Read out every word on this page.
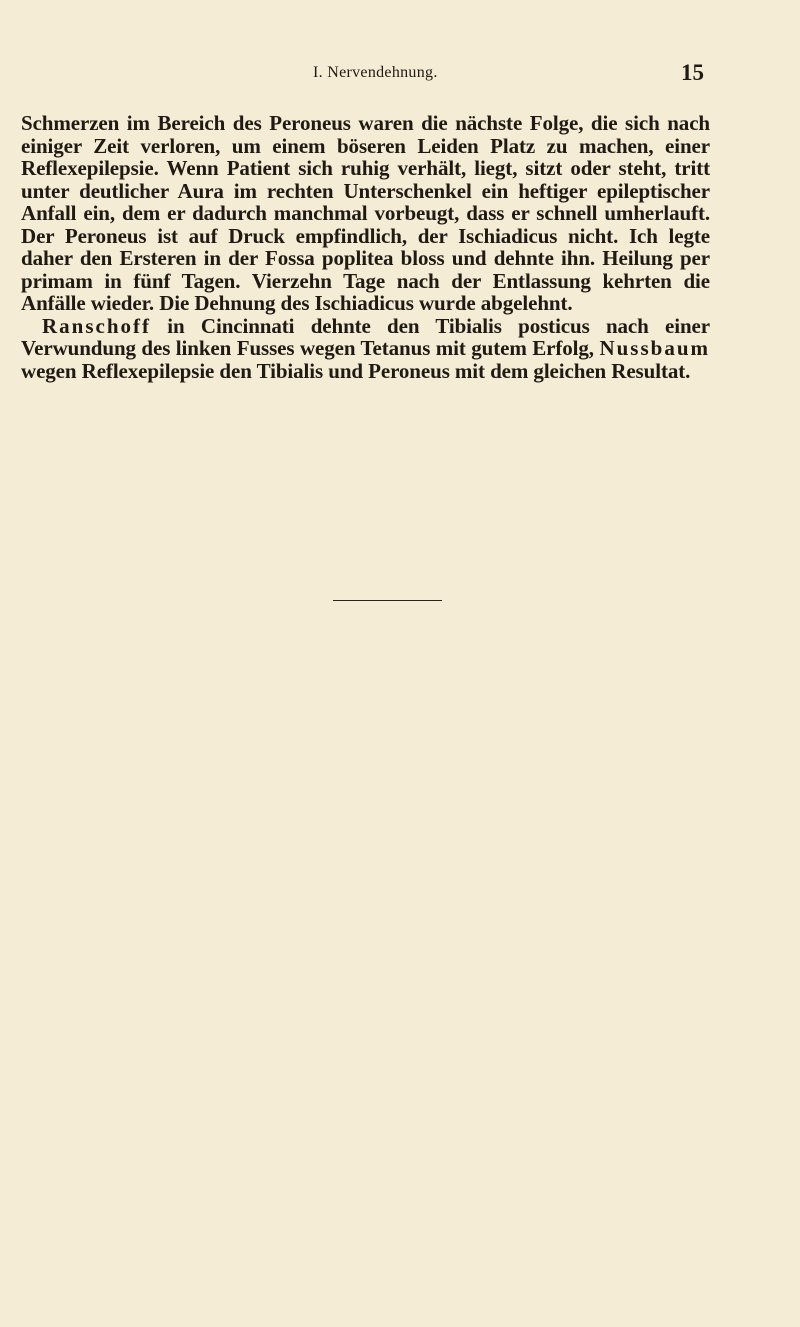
I. Nervendehnung.	15

Schmerzen im Bereich des Peroneus waren die nächste Folge, die sich nach einiger Zeit verloren, um einem böseren Leiden Platz zu machen, einer Reflexepilepsie. Wenn Patient sich ruhig verhält, liegt, sitzt oder steht, tritt unter deutlicher Aura im rechten Unterschenkel ein heftiger epileptischer Anfall ein, dem er dadurch manchmal vorbeugt, dass er schnell umherlauft. Der Peroneus ist auf Druck empfindlich, der Ischiadicus nicht. Ich legte daher den Ersteren in der Fossa poplitea bloss und dehnte ihn. Heilung per primam in fünf Tagen. Vierzehn Tage nach der Entlassung kehrten die Anfälle wieder. Die Dehnung des Ischiadicus wurde abgelehnt.

Ranschoff in Cincinnati dehnte den Tibialis posticus nach einer Verwundung des linken Fusses wegen Tetanus mit gutem Erfolg, Nussbaum wegen Reflexepilepsie den Tibialis und Peroneus mit dem gleichen Resultat.
